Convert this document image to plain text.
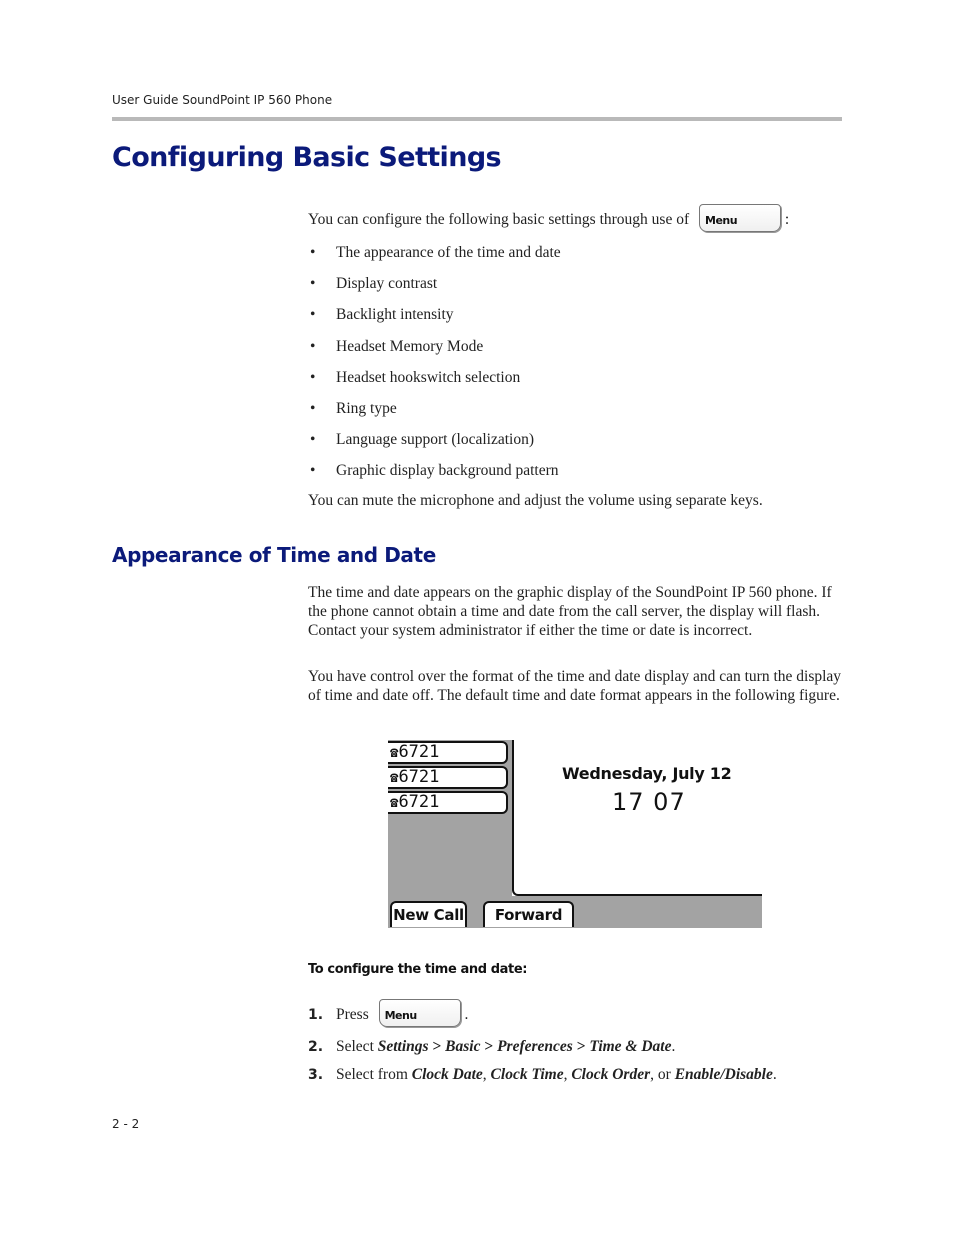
User Guide SoundPoint IP 560 Phone
Configuring Basic Settings
You can configure the following basic settings through use of Menu	:
• The appearance of the time and date
• Display contrast
• Backlight intensity
• Headset Memory Mode
• Headset hookswitch selection
• Ring type
• Language support (localization)
• Graphic display background pattern
You can mute the microphone and adjust the volume using separate keys.
Appearance of Time and Date
The time and date appears on the graphic display of the SoundPoint IP 560 phone. If the phone cannot obtain a time and date from the call server, the display will flash. Contact your system administrator if either the time or date is incorrect.
You have control over the format of the time and date display and can turn the display of time and date off. The default time and date format appears in the following figure.
☎6721
☎6721
☎6721
Wednesday, July 12
17 07
New Call	Forward
To configure the time and date:
1. Press Menu	.
2. Select Settings > Basic > Preferences > Time & Date.
3. Select from Clock Date, Clock Time, Clock Order, or Enable/Disable.
2 - 2
